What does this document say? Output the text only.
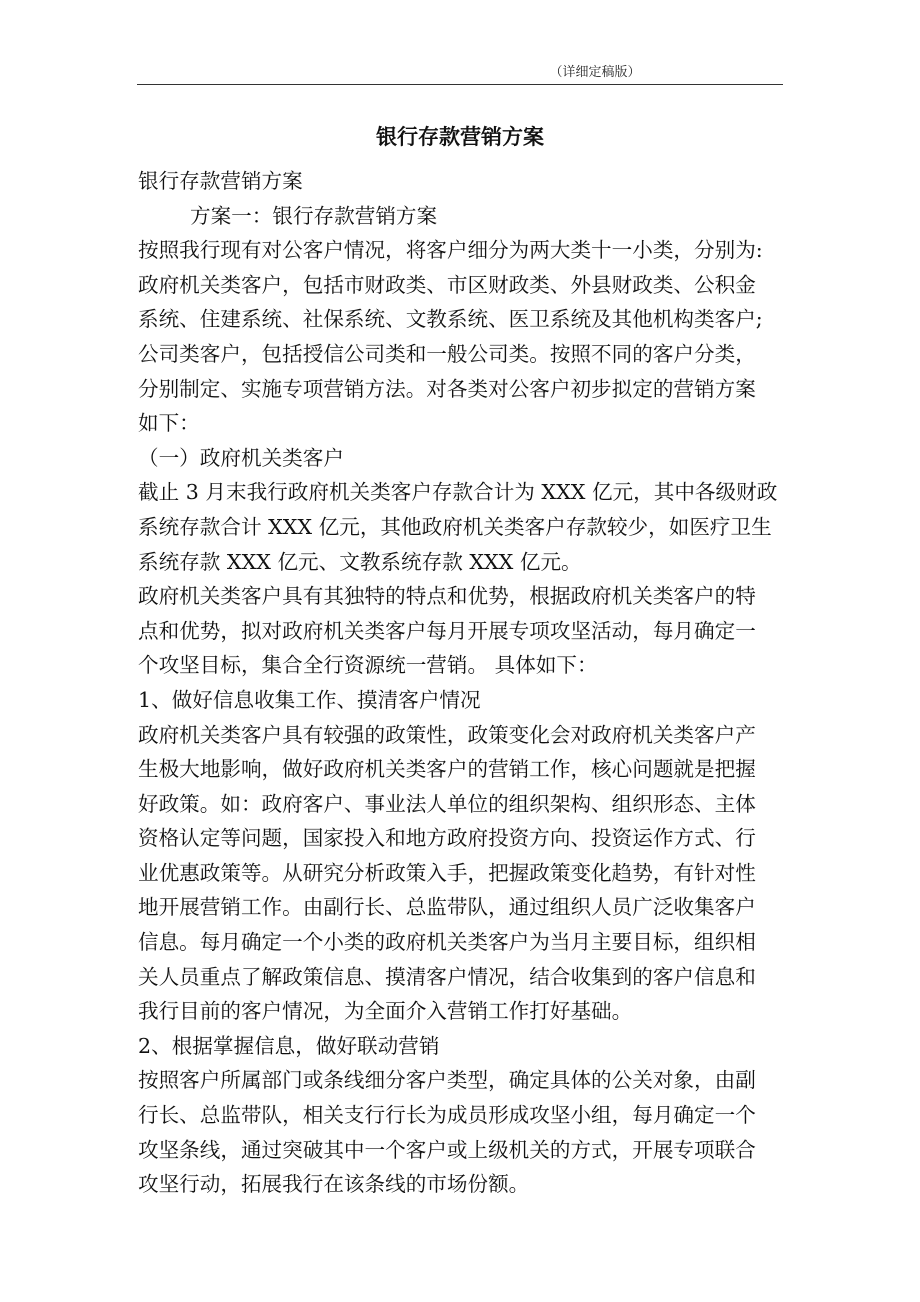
（详细定稿版）
银行存款营销方案
银行存款营销方案
方案一：银行存款营销方案
按照我行现有对公客户情况，将客户细分为两大类十一小类，分别为:
政府机关类客户，包括市财政类、市区财政类、外县财政类、公积金
系统、住建系统、社保系统、文教系统、医卫系统及其他机构类客户;
公司类客户，包括授信公司类和一般公司类。按照不同的客户分类，
分别制定、实施专项营销方法。对各类对公客户初步拟定的营销方案
如下：
（一）政府机关类客户
截止 3 月末我行政府机关类客户存款合计为 XXX 亿元，其中各级财政
系统存款合计 XXX 亿元，其他政府机关类客户存款较少，如医疗卫生
系统存款 XXX 亿元、文教系统存款 XXX 亿元。
政府机关类客户具有其独特的特点和优势，根据政府机关类客户的特
点和优势，拟对政府机关类客户每月开展专项攻坚活动，每月确定一
个攻坚目标，集合全行资源统一营销。 具体如下：
1、做好信息收集工作、摸清客户情况
政府机关类客户具有较强的政策性，政策变化会对政府机关类客户产
生极大地影响，做好政府机关类客户的营销工作，核心问题就是把握
好政策。如：政府客户、事业法人单位的组织架构、组织形态、主体
资格认定等问题，国家投入和地方政府投资方向、投资运作方式、行
业优惠政策等。从研究分析政策入手，把握政策变化趋势，有针对性
地开展营销工作。由副行长、总监带队，通过组织人员广泛收集客户
信息。每月确定一个小类的政府机关类客户为当月主要目标，组织相
关人员重点了解政策信息、摸清客户情况，结合收集到的客户信息和
我行目前的客户情况，为全面介入营销工作打好基础。
2、根据掌握信息，做好联动营销
按照客户所属部门或条线细分客户类型，确定具体的公关对象，由副
行长、总监带队，相关支行行长为成员形成攻坚小组，每月确定一个
攻坚条线，通过突破其中一个客户或上级机关的方式，开展专项联合
攻坚行动，拓展我行在该条线的市场份额。
